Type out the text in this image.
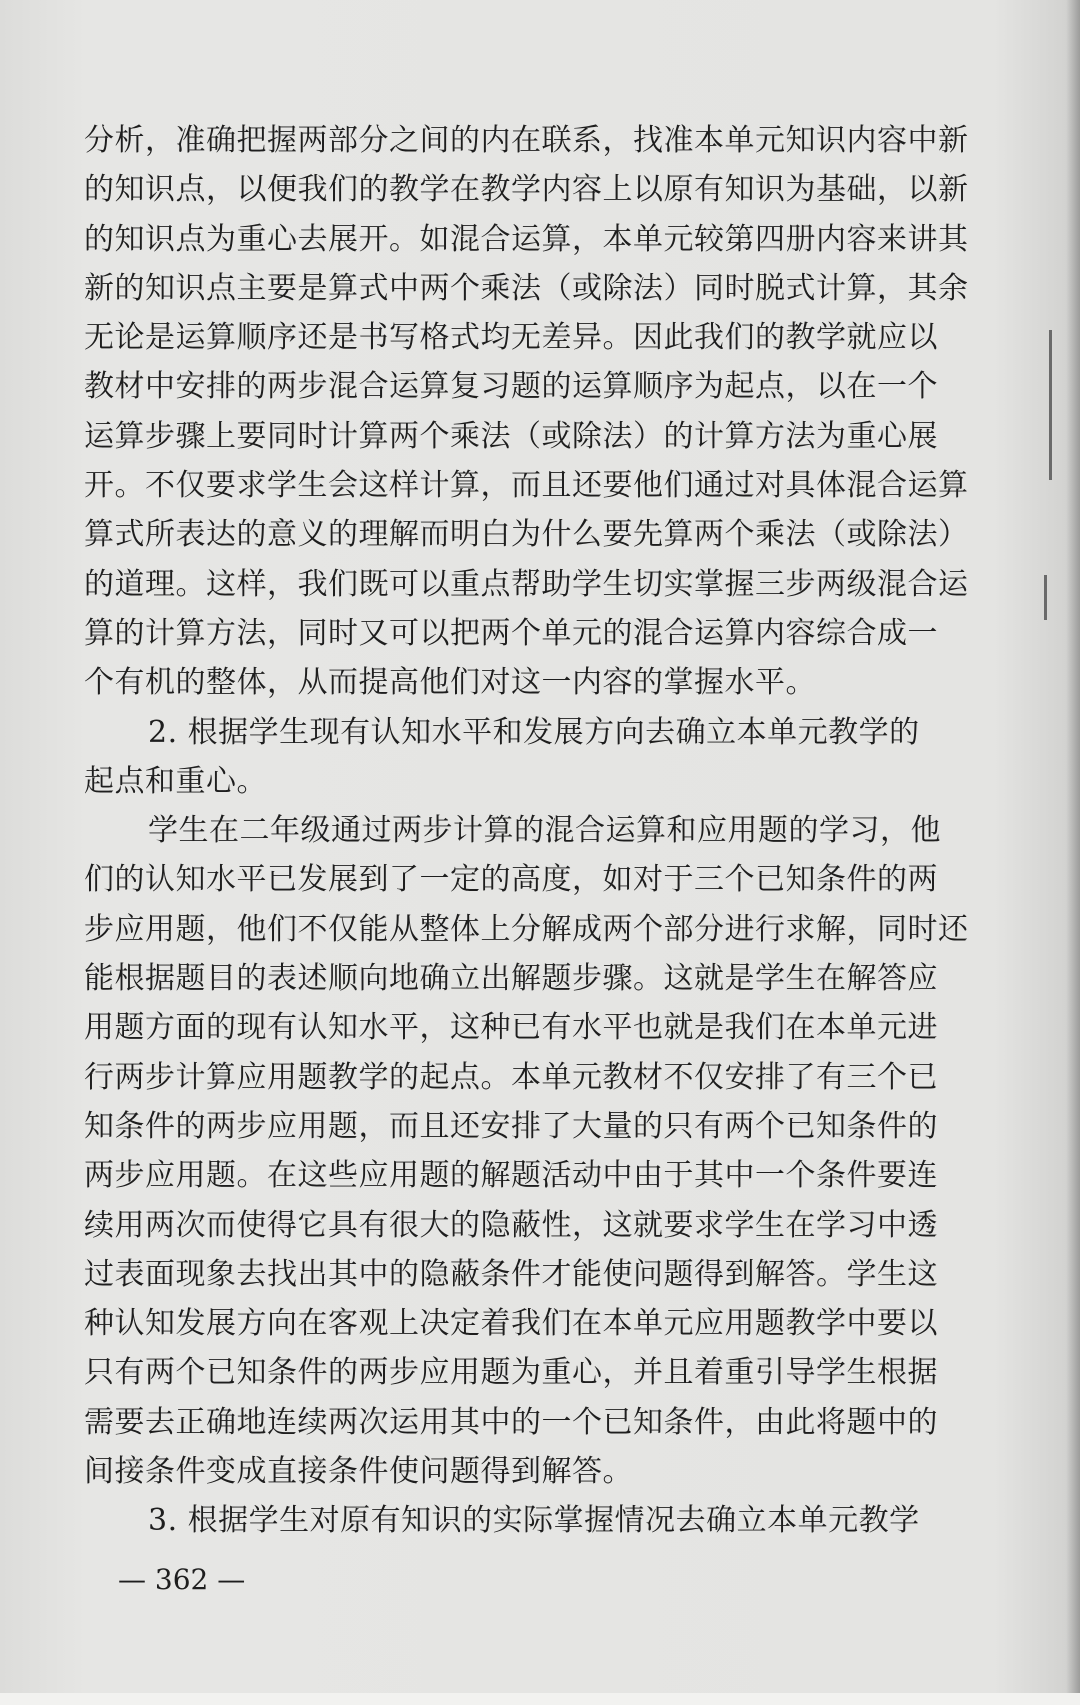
分析，准确把握两部分之间的内在联系，找准本单元知识内容中新
的知识点，以便我们的教学在教学内容上以原有知识为基础，以新
的知识点为重心去展开。如混合运算，本单元较第四册内容来讲其
新的知识点主要是算式中两个乘法（或除法）同时脱式计算，其余
无论是运算顺序还是书写格式均无差异。因此我们的教学就应以
教材中安排的两步混合运算复习题的运算顺序为起点，以在一个
运算步骤上要同时计算两个乘法（或除法）的计算方法为重心展
开。不仅要求学生会这样计算，而且还要他们通过对具体混合运算
算式所表达的意义的理解而明白为什么要先算两个乘法（或除法）
的道理。这样，我们既可以重点帮助学生切实掌握三步两级混合运
算的计算方法，同时又可以把两个单元的混合运算内容综合成一
个有机的整体，从而提高他们对这一内容的掌握水平。
2. 根据学生现有认知水平和发展方向去确立本单元教学的
起点和重心。
学生在二年级通过两步计算的混合运算和应用题的学习，他
们的认知水平已发展到了一定的高度，如对于三个已知条件的两
步应用题，他们不仅能从整体上分解成两个部分进行求解，同时还
能根据题目的表述顺向地确立出解题步骤。这就是学生在解答应
用题方面的现有认知水平，这种已有水平也就是我们在本单元进
行两步计算应用题教学的起点。本单元教材不仅安排了有三个已
知条件的两步应用题，而且还安排了大量的只有两个已知条件的
两步应用题。在这些应用题的解题活动中由于其中一个条件要连
续用两次而使得它具有很大的隐蔽性，这就要求学生在学习中透
过表面现象去找出其中的隐蔽条件才能使问题得到解答。学生这
种认知发展方向在客观上决定着我们在本单元应用题教学中要以
只有两个已知条件的两步应用题为重心，并且着重引导学生根据
需要去正确地连续两次运用其中的一个已知条件，由此将题中的
间接条件变成直接条件使问题得到解答。
3. 根据学生对原有知识的实际掌握情况去确立本单元教学
— 362 —
